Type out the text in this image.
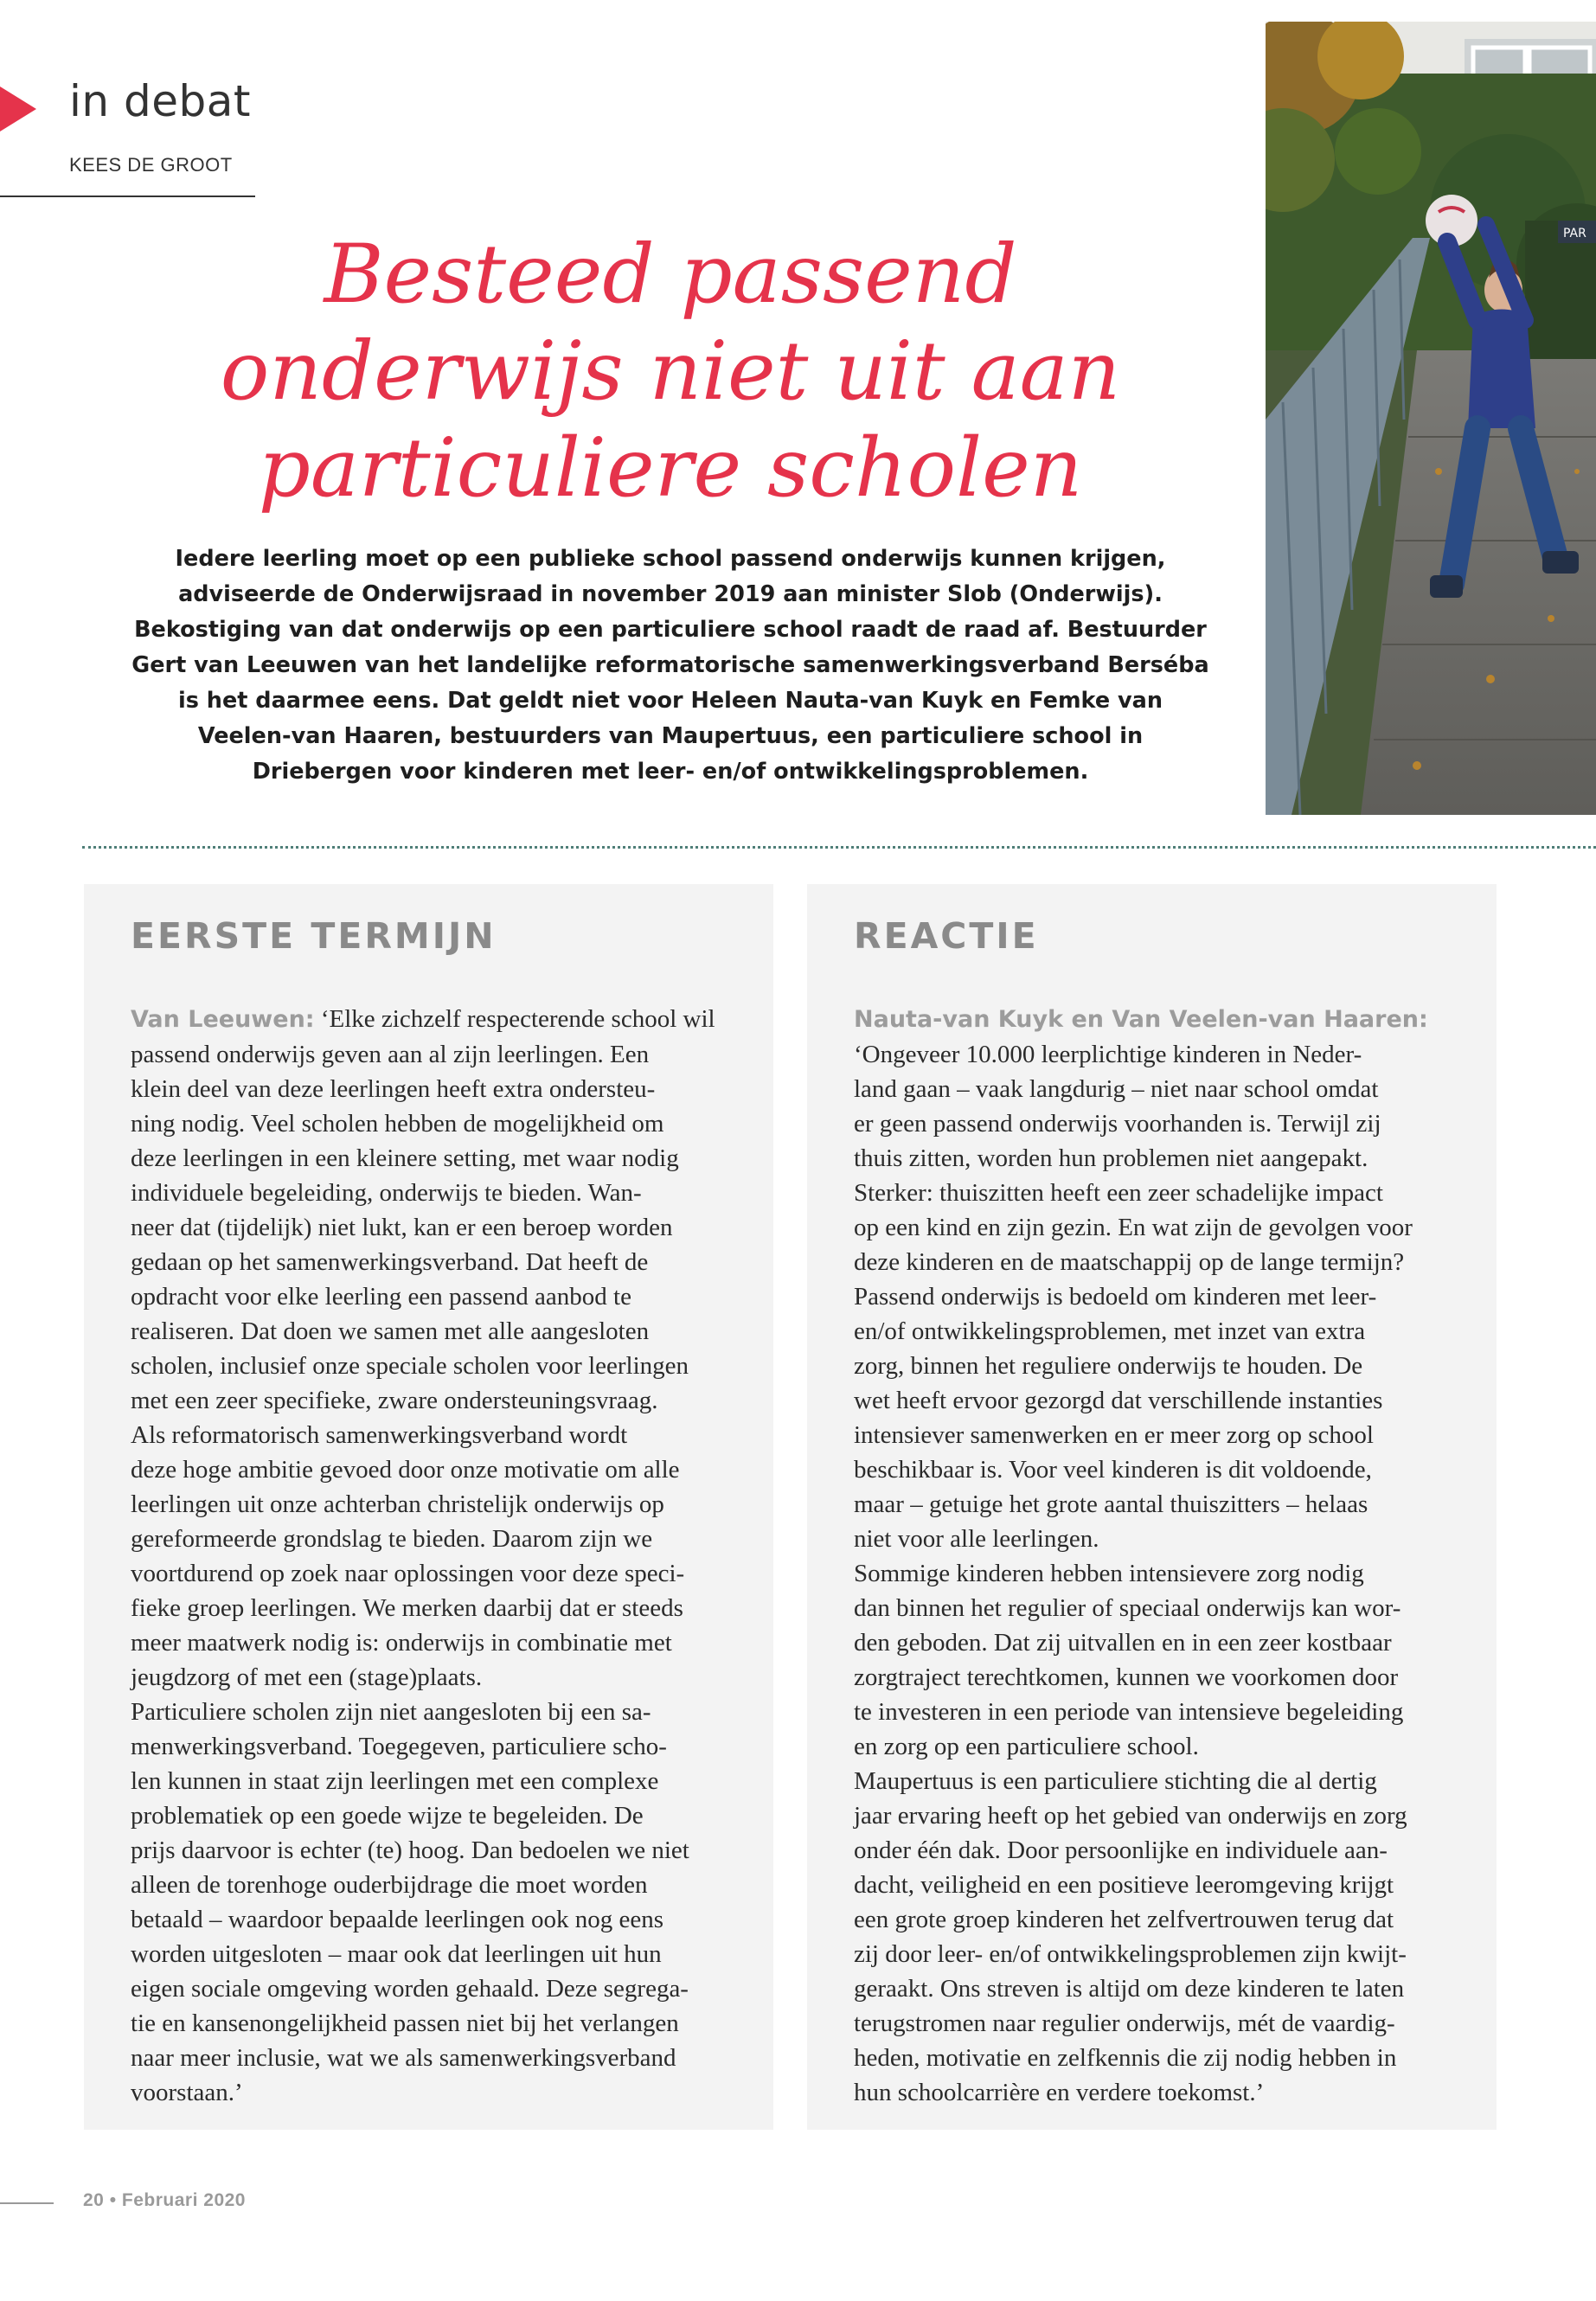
in debat
KEES DE GROOT
PAR
Besteed passend
onderwijs niet uit aan
particuliere scholen
Iedere leerling moet op een publieke school passend onderwijs kunnen krijgen, adviseerde de Onderwijsraad in november 2019 aan minister Slob (Onderwijs). Bekostiging van dat onderwijs op een particuliere school raadt de raad af. Bestuurder Gert van Leeuwen van het landelijke reformatorische samenwerkingsverband Berséba is het daarmee eens. Dat geldt niet voor Heleen Nauta-van Kuyk en Femke van Veelen-van Haaren, bestuurders van Maupertuus, een particuliere school in Driebergen voor kinderen met leer- en/of ontwikkelingsproblemen.
EERSTE TERMIJN

Van Leeuwen: ‘Elke zichzelf respecterende school wil
passend onderwijs geven aan al zijn leerlingen. Een
klein deel van deze leerlingen heeft extra ondersteu-
ning nodig. Veel scholen hebben de mogelijkheid om
deze leerlingen in een kleinere setting, met waar nodig
individuele begeleiding, onderwijs te bieden. Wan-
neer dat (tijdelijk) niet lukt, kan er een beroep worden
gedaan op het samenwerkingsverband. Dat heeft de
opdracht voor elke leerling een passend aanbod te
realiseren. Dat doen we samen met alle aangesloten
scholen, inclusief onze speciale scholen voor leerlingen
met een zeer specifieke, zware ondersteuningsvraag.
Als reformatorisch samenwerkingsverband wordt
deze hoge ambitie gevoed door onze motivatie om alle
leerlingen uit onze achterban christelijk onderwijs op
gereformeerde grondslag te bieden. Daarom zijn we
voortdurend op zoek naar oplossingen voor deze speci-
fieke groep leerlingen. We merken daarbij dat er steeds
meer maatwerk nodig is: onderwijs in combinatie met
jeugdzorg of met een (stage)plaats.
Particuliere scholen zijn niet aangesloten bij een sa-
menwerkingsverband. Toegegeven, particuliere scho-
len kunnen in staat zijn leerlingen met een complexe
problematiek op een goede wijze te begeleiden. De
prijs daarvoor is echter (te) hoog. Dan bedoelen we niet
alleen de torenhoge ouderbijdrage die moet worden
betaald – waardoor bepaalde leerlingen ook nog eens
worden uitgesloten – maar ook dat leerlingen uit hun
eigen sociale omgeving worden gehaald. Deze segrega-
tie en kansenongelijkheid passen niet bij het verlangen
naar meer inclusie, wat we als samenwerkingsverband
voorstaan.’

REACTIE

Nauta-van Kuyk en Van Veelen-van Haaren:
‘Ongeveer 10.000 leerplichtige kinderen in Neder-
land gaan – vaak langdurig – niet naar school omdat
er geen passend onderwijs voorhanden is. Terwijl zij
thuis zitten, worden hun problemen niet aangepakt.
Sterker: thuiszitten heeft een zeer schadelijke impact
op een kind en zijn gezin. En wat zijn de gevolgen voor
deze kinderen en de maatschappij op de lange termijn?
Passend onderwijs is bedoeld om kinderen met leer-
en/of ontwikkelingsproblemen, met inzet van extra
zorg, binnen het reguliere onderwijs te houden. De
wet heeft ervoor gezorgd dat verschillende instanties
intensiever samenwerken en er meer zorg op school
beschikbaar is. Voor veel kinderen is dit voldoende,
maar – getuige het grote aantal thuiszitters – helaas
niet voor alle leerlingen.
Sommige kinderen hebben intensievere zorg nodig
dan binnen het regulier of speciaal onderwijs kan wor-
den geboden. Dat zij uitvallen en in een zeer kostbaar
zorgtraject terechtkomen, kunnen we voorkomen door
te investeren in een periode van intensieve begeleiding
en zorg op een particuliere school.
Maupertuus is een particuliere stichting die al dertig
jaar ervaring heeft op het gebied van onderwijs en zorg
onder één dak. Door persoonlijke en individuele aan-
dacht, veiligheid en een positieve leeromgeving krijgt
een grote groep kinderen het zelfvertrouwen terug dat
zij door leer- en/of ontwikkelingsproblemen zijn kwijt-
geraakt. Ons streven is altijd om deze kinderen te laten
terugstromen naar regulier onderwijs, mét de vaardig-
heden, motivatie en zelfkennis die zij nodig hebben in
hun schoolcarrière en verdere toekomst.’

20 • Februari 2020
